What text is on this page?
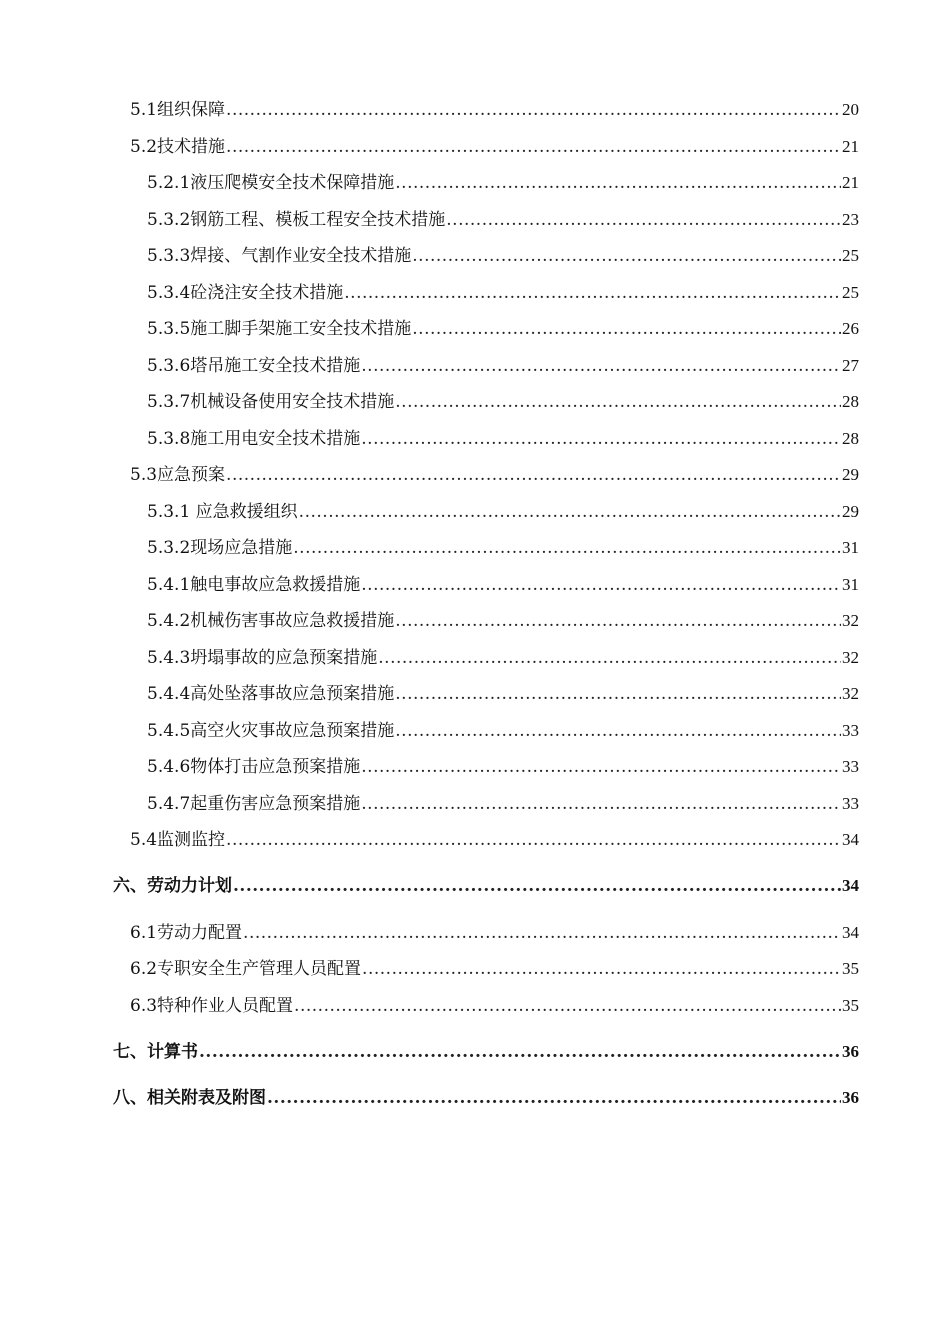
5.1组织保障 .....	20
5.2技术措施 .....	21
5.2.1液压爬模安全技术保障措施 .....	21
5.3.2钢筋工程、模板工程安全技术措施 .....	23
5.3.3焊接、气割作业安全技术措施 .....	25
5.3.4砼浇注安全技术措施 .....	25
5.3.5施工脚手架施工安全技术措施 .....	26
5.3.6塔吊施工安全技术措施 .....	27
5.3.7机械设备使用安全技术措施 .....	28
5.3.8施工用电安全技术措施 .....	28
5.3应急预案 .....	29
5.3.1 应急救援组织 .....	29
5.3.2现场应急措施 .....	31
5.4.1触电事故应急救援措施 .....	31
5.4.2机械伤害事故应急救援措施 .....	32
5.4.3坍塌事故的应急预案措施 .....	32
5.4.4高处坠落事故应急预案措施 .....	32
5.4.5高空火灾事故应急预案措施 .....	33
5.4.6物体打击应急预案措施 .....	33
5.4.7起重伤害应急预案措施 .....	33
5.4监测监控 .....	34
六、劳动力计划 .....	34
6.1劳动力配置 .....	34
6.2专职安全生产管理人员配置 .....	35
6.3特种作业人员配置 .....	35
七、计算书 .....	36
八、相关附表及附图 .....	36
